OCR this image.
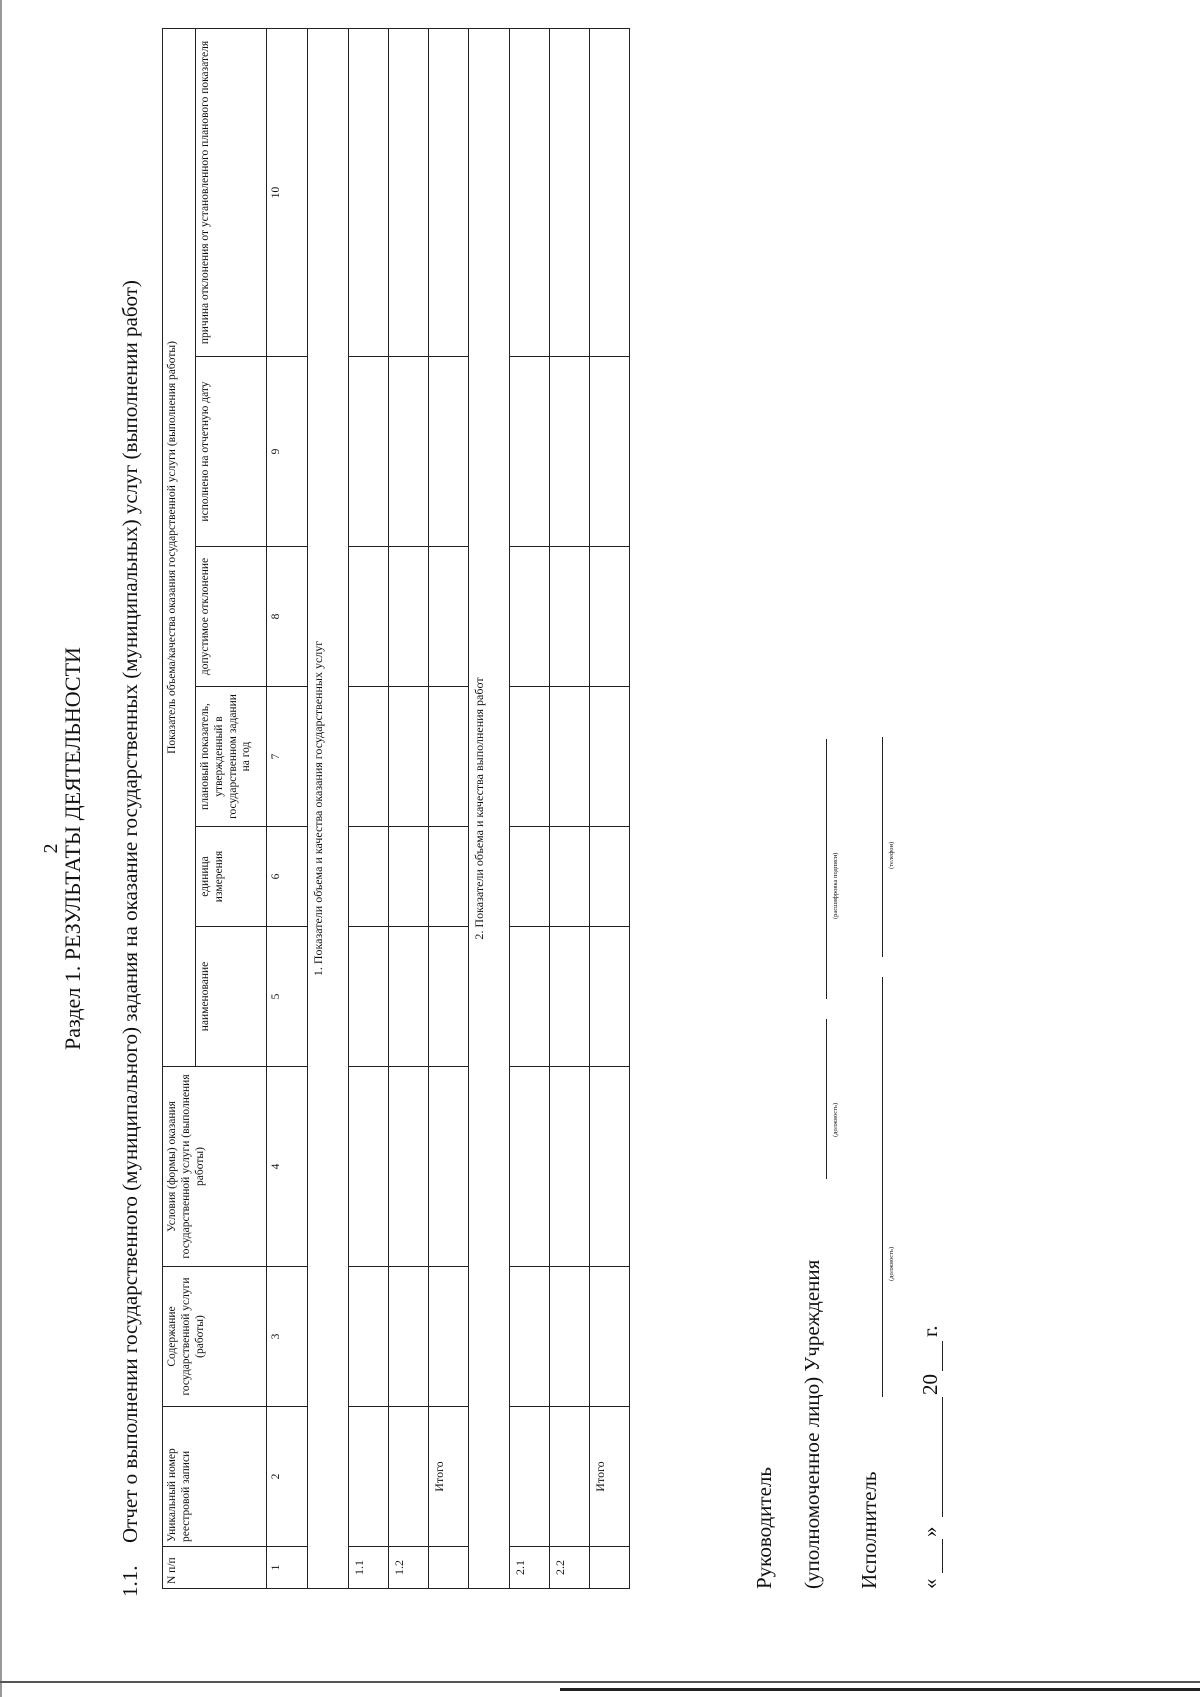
2
Раздел 1. РЕЗУЛЬТАТЫ ДЕЯТЕЛЬНОСТИ
1.1.Отчет о выполнении государственного (муниципального) задания на оказание государственных (муниципальных) услуг (выполнении работ)
N п/п	Уникальный номер реестровой записи	Содержание государственной услуги (работы)	Условия (формы) оказания государственной услуги (выполнения работы)	Показатель объема/качества оказания государственной услуги (выполнения работы)					
				наименование	единица измерения	плановый показатель, утвержденный в государственном задании на год	допустимое отклонение	исполнено на отчетную дату	причина отклонения от установленного планового показателя
1	2	3	4	5	6	7	8	9	10
1. Показатели объема и качества оказания государственных услуг									
1.1									
1.2									
	Итого								
2. Показатели объема и качества выполнения работ									
2.1									
2.2									
	Итого									Руководитель (уполномоченное лицо) Учреждения
(должность)
(расшифровка подписи)
Исполнитель
(должность)
(телефон)
«
»
20
г.
